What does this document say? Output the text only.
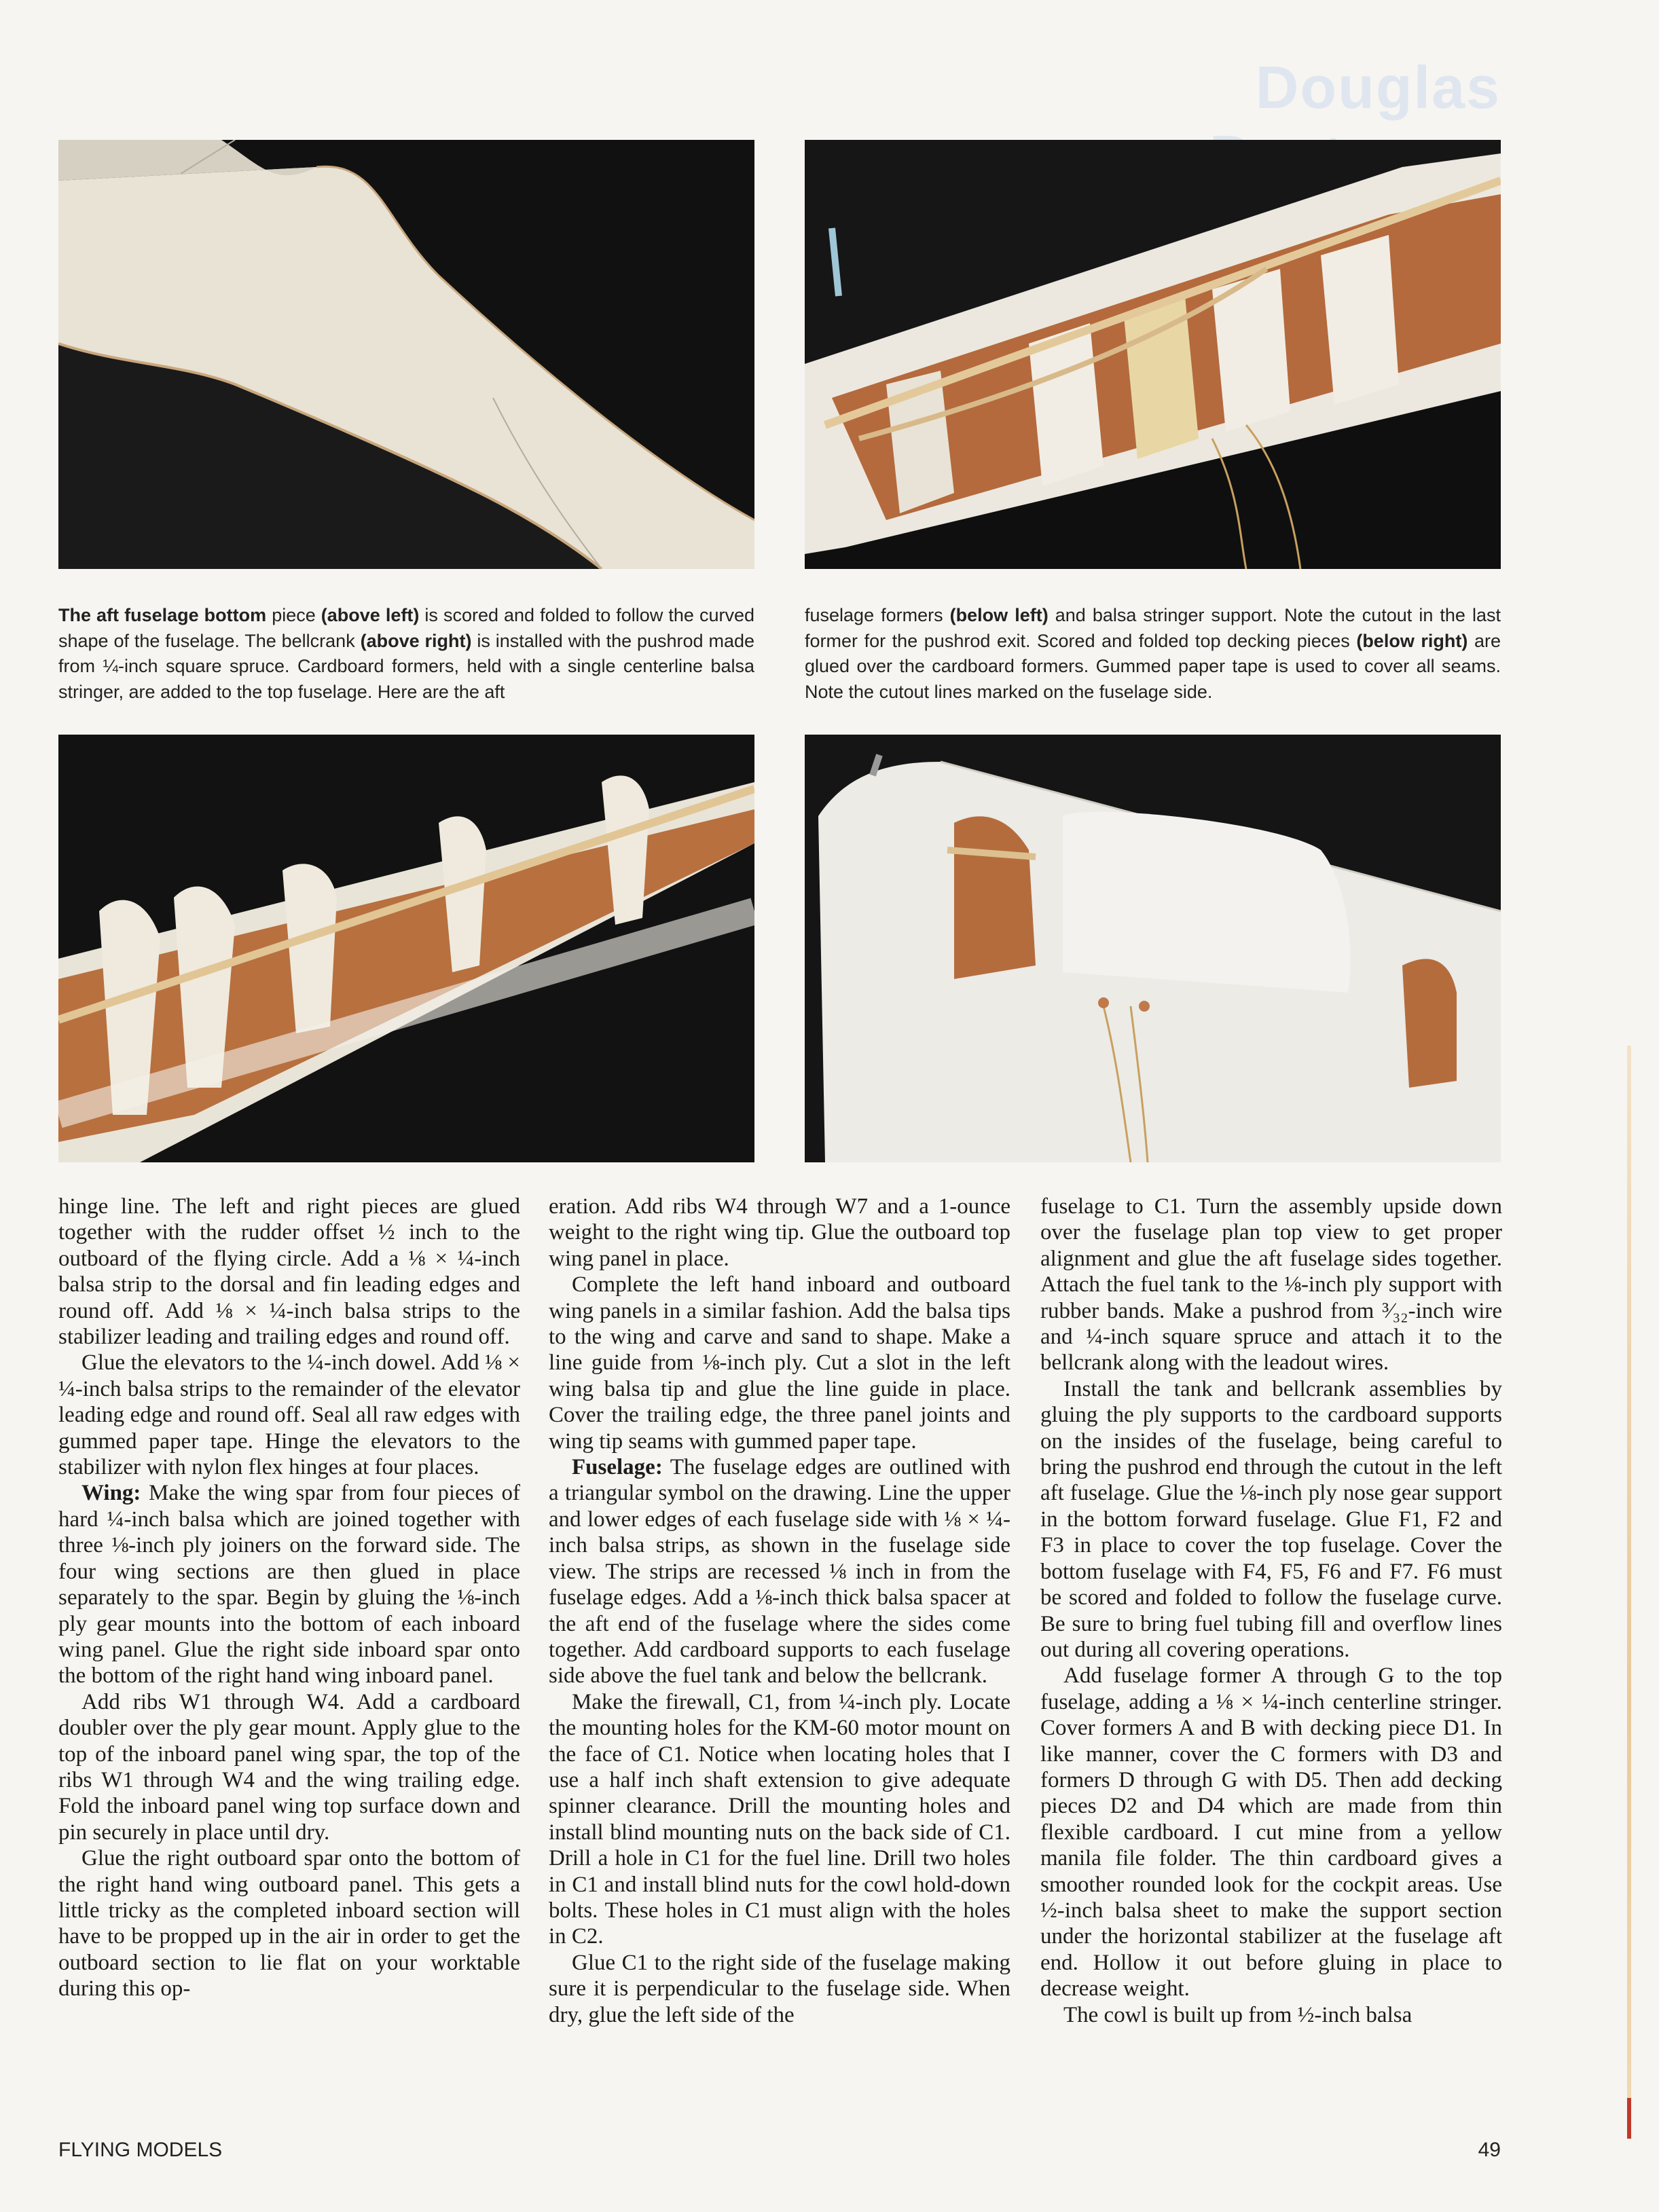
Douglas
The aft fuselage bottom piece (above left) is scored and folded to follow the curved shape of the fuselage. The bellcrank (above right) is installed with the pushrod made from ¼-inch square spruce. Cardboard formers, held with a single centerline balsa stringer, are added to the top fuselage. Here are the aft
fuselage formers (below left) and balsa stringer support. Note the cutout in the last former for the pushrod exit. Scored and folded top decking pieces (below right) are glued over the cardboard formers. Gummed paper tape is used to cover all seams. Note the cutout lines marked on the fuselage side.

hinge line. The left and right pieces are glued together with the rudder offset ½ inch to the outboard of the flying circle. Add a ⅛ × ¼-inch balsa strip to the dorsal and fin leading edges and round off. Add ⅛ × ¼-inch balsa strips to the stabilizer leading and trailing edges and round off.

Glue the elevators to the ¼-inch dowel. Add ⅛ × ¼-inch balsa strips to the remainder of the elevator leading edge and round off. Seal all raw edges with gummed paper tape. Hinge the elevators to the stabilizer with nylon flex hinges at four places.

Wing: Make the wing spar from four pieces of hard ¼-inch balsa which are joined together with three ⅛-inch ply joiners on the forward side. The four wing sections are then glued in place separately to the spar. Begin by gluing the ⅛-inch ply gear mounts into the bottom of each inboard wing panel. Glue the right side inboard spar onto the bottom of the right hand wing inboard panel.

Add ribs W1 through W4. Add a cardboard doubler over the ply gear mount. Apply glue to the top of the inboard panel wing spar, the top of the ribs W1 through W4 and the wing trailing edge. Fold the inboard panel wing top surface down and pin securely in place until dry.

Glue the right outboard spar onto the bottom of the right hand wing outboard panel. This gets a little tricky as the completed inboard section will have to be propped up in the air in order to get the outboard section to lie flat on your worktable during this op-

eration. Add ribs W4 through W7 and a 1-ounce weight to the right wing tip. Glue the outboard top wing panel in place.

Complete the left hand inboard and outboard wing panels in a similar fashion. Add the balsa tips to the wing and carve and sand to shape. Make a line guide from ⅛-inch ply. Cut a slot in the left wing balsa tip and glue the line guide in place. Cover the trailing edge, the three panel joints and wing tip seams with gummed paper tape.

Fuselage: The fuselage edges are outlined with a triangular symbol on the drawing. Line the upper and lower edges of each fuselage side with ⅛ × ¼-inch balsa strips, as shown in the fuselage side view. The strips are recessed ⅛ inch in from the fuselage edges. Add a ⅛-inch thick balsa spacer at the aft end of the fuselage where the sides come together. Add cardboard supports to each fuselage side above the fuel tank and below the bellcrank.

Make the firewall, C1, from ¼-inch ply. Locate the mounting holes for the KM-60 motor mount on the face of C1. Notice when locating holes that I use a half inch shaft extension to give adequate spinner clearance. Drill the mounting holes and install blind mounting nuts on the back side of C1. Drill a hole in C1 for the fuel line. Drill two holes in C1 and install blind nuts for the cowl hold-down bolts. These holes in C1 must align with the holes in C2.

Glue C1 to the right side of the fuselage making sure it is perpendicular to the fuselage side. When dry, glue the left side of the

fuselage to C1. Turn the assembly upside down over the fuselage plan top view to get proper alignment and glue the aft fuselage sides together. Attach the fuel tank to the ⅛-inch ply support with rubber bands. Make a pushrod from ³⁄₃₂-inch wire and ¼-inch square spruce and attach it to the bellcrank along with the leadout wires.

Install the tank and bellcrank assemblies by gluing the ply supports to the cardboard supports on the insides of the fuselage, being careful to bring the pushrod end through the cutout in the left aft fuselage. Glue the ⅛-inch ply nose gear support in the bottom forward fuselage. Glue F1, F2 and F3 in place to cover the top fuselage. Cover the bottom fuselage with F4, F5, F6 and F7. F6 must be scored and folded to follow the fuselage curve. Be sure to bring fuel tubing fill and overflow lines out during all covering operations.

Add fuselage former A through G to the top fuselage, adding a ⅛ × ¼-inch centerline stringer. Cover formers A and B with decking piece D1. In like manner, cover the C formers with D3 and formers D through G with D5. Then add decking pieces D2 and D4 which are made from thin flexible cardboard. I cut mine from a yellow manila file folder. The thin cardboard gives a smoother rounded look for the cockpit areas. Use ½-inch balsa sheet to make the support section under the horizontal stabilizer at the fuselage aft end. Hollow it out before gluing in place to decrease weight.

The cowl is built up from ½-inch balsa

FLYING MODELS	49
